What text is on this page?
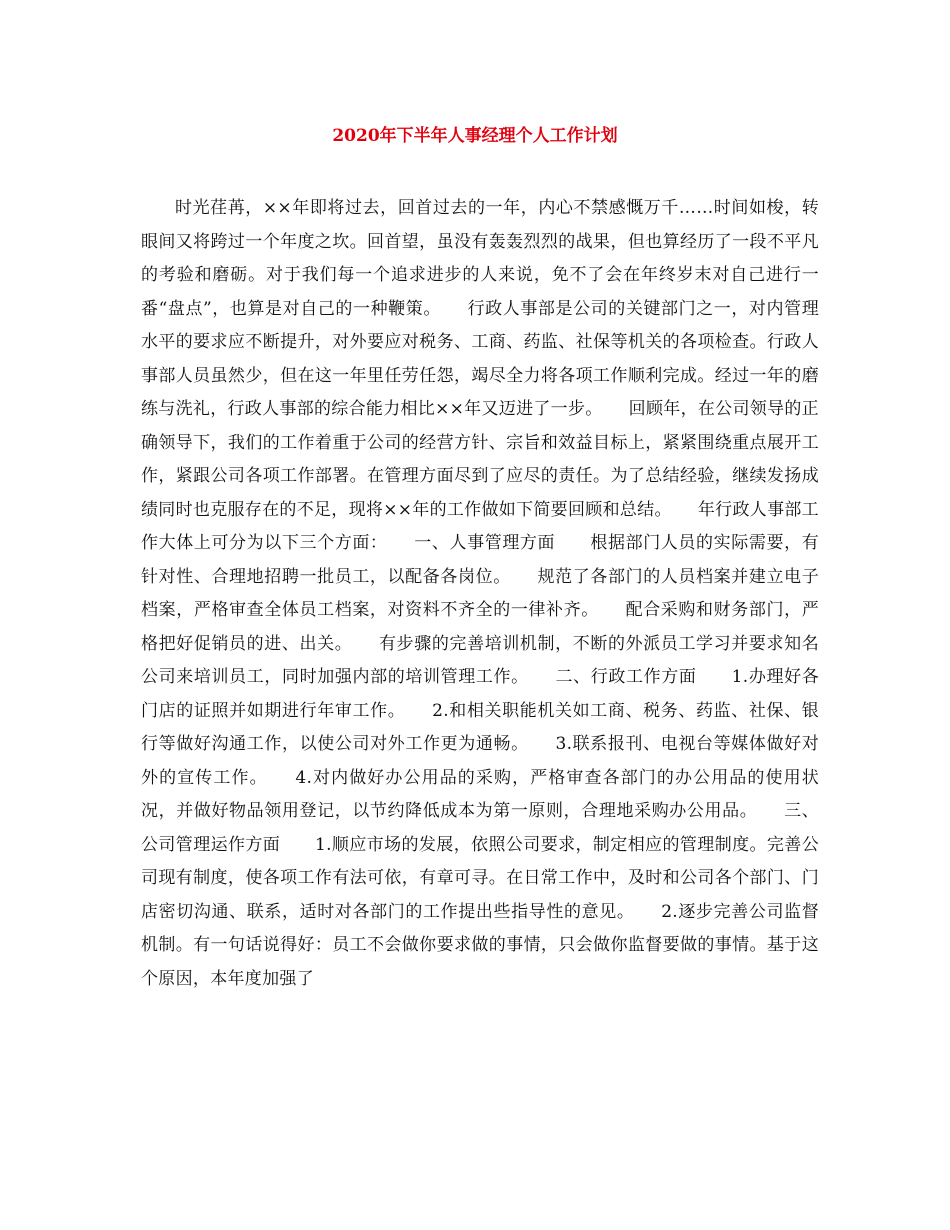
2020年下半年人事经理个人工作计划

时光荏苒，××年即将过去，回首过去的一年，内心不禁感慨万千……时间如梭，转眼间又将跨过一个年度之坎。回首望，虽没有轰轰烈烈的战果，但也算经历了一段不平凡的考验和磨砺。对于我们每一个追求进步的人来说，免不了会在年终岁末对自己进行一番“盘点”，也算是对自己的一种鞭策。　　行政人事部是公司的关键部门之一，对内管理水平的要求应不断提升，对外要应对税务、工商、药监、社保等机关的各项检查。行政人事部人员虽然少，但在这一年里任劳任怨，竭尽全力将各项工作顺利完成。经过一年的磨练与洗礼，行政人事部的综合能力相比××年又迈进了一步。　　回顾年，在公司领导的正确领导下，我们的工作着重于公司的经营方针、宗旨和效益目标上，紧紧围绕重点展开工作，紧跟公司各项工作部署。在管理方面尽到了应尽的责任。为了总结经验，继续发扬成绩同时也克服存在的不足，现将××年的工作做如下简要回顾和总结。　　年行政人事部工作大体上可分为以下三个方面：　　一、人事管理方面　　根据部门人员的实际需要，有针对性、合理地招聘一批员工，以配备各岗位。　　规范了各部门的人员档案并建立电子档案，严格审查全体员工档案，对资料不齐全的一律补齐。　　配合采购和财务部门，严格把好促销员的进、出关。　　有步骤的完善培训机制，不断的外派员工学习并要求知名公司来培训员工，同时加强内部的培训管理工作。　　二、行政工作方面　　1.办理好各门店的证照并如期进行年审工作。　　2.和相关职能机关如工商、税务、药监、社保、银行等做好沟通工作，以使公司对外工作更为通畅。　　3.联系报刊、电视台等媒体做好对外的宣传工作。　　4.对内做好办公用品的采购，严格审查各部门的办公用品的使用状况，并做好物品领用登记，以节约降低成本为第一原则，合理地采购办公用品。　　三、公司管理运作方面　　1.顺应市场的发展，依照公司要求，制定相应的管理制度。完善公司现有制度，使各项工作有法可依，有章可寻。在日常工作中，及时和公司各个部门、门店密切沟通、联系，适时对各部门的工作提出些指导性的意见。　　2.逐步完善公司监督机制。有一句话说得好：员工不会做你要求做的事情，只会做你监督要做的事情。基于这个原因，本年度加强了
